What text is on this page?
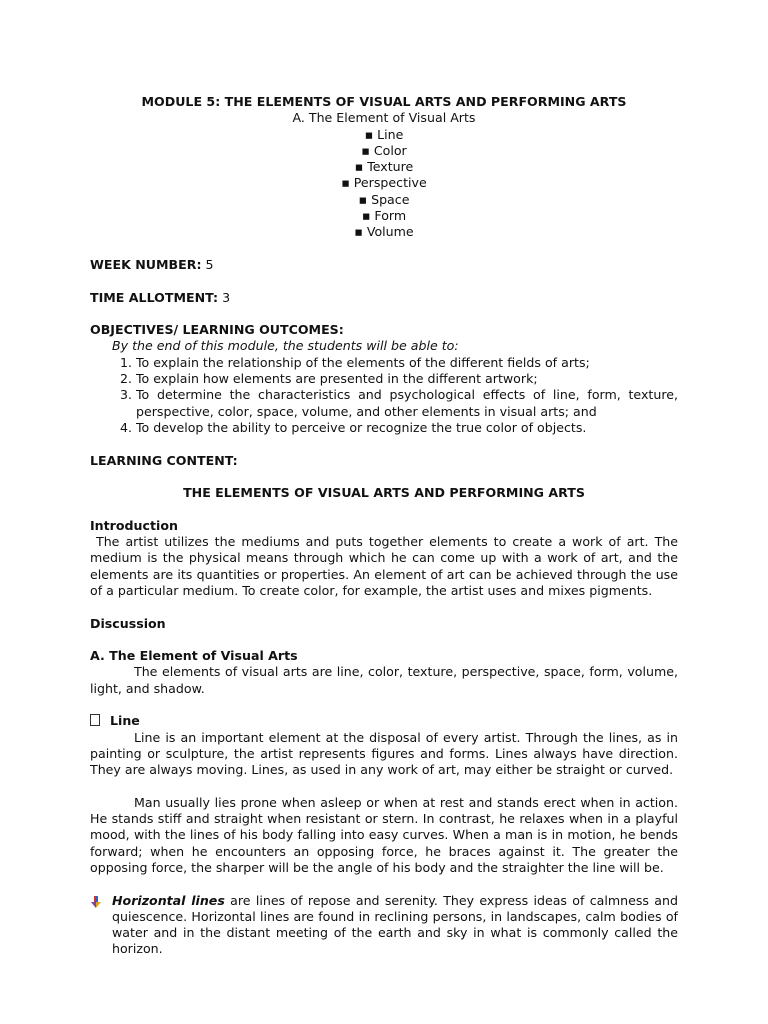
MODULE 5: THE ELEMENTS OF VISUAL ARTS AND PERFORMING ARTS
A. The Element of Visual Arts
▪ Line
▪ Color
▪ Texture
▪ Perspective
▪ Space
▪ Form
▪ Volume
WEEK NUMBER: 5
TIME ALLOTMENT: 3
OBJECTIVES/ LEARNING OUTCOMES:
By the end of this module, the students will be able to:
1. To explain the relationship of the elements of the different fields of arts;
2. To explain how elements are presented in the different artwork;
3. To determine the characteristics and psychological effects of line, form, texture, perspective, color, space, volume, and other elements in visual arts; and
4. To develop the ability to perceive or recognize the true color of objects.
LEARNING CONTENT:
THE ELEMENTS OF VISUAL ARTS AND PERFORMING ARTS
Introduction
The artist utilizes the mediums and puts together elements to create a work of art. The medium is the physical means through which he can come up with a work of art, and the elements are its quantities or properties. An element of art can be achieved through the use of a particular medium. To create color, for example, the artist uses and mixes pigments.
Discussion
A. The Element of Visual Arts
The elements of visual arts are line, color, texture, perspective, space, form, volume, light, and shadow.
Line
Line is an important element at the disposal of every artist. Through the lines, as in painting or sculpture, the artist represents figures and forms. Lines always have direction. They are always moving. Lines, as used in any work of art, may either be straight or curved.
Man usually lies prone when asleep or when at rest and stands erect when in action. He stands stiff and straight when resistant or stern. In contrast, he relaxes when in a playful mood, with the lines of his body falling into easy curves. When a man is in motion, he bends forward; when he encounters an opposing force, he braces against it. The greater the opposing force, the sharper will be the angle of his body and the straighter the line will be.
Horizontal lines are lines of repose and serenity. They express ideas of calmness and quiescence. Horizontal lines are found in reclining persons, in landscapes, calm bodies of water and in the distant meeting of the earth and sky in what is commonly called the horizon.
